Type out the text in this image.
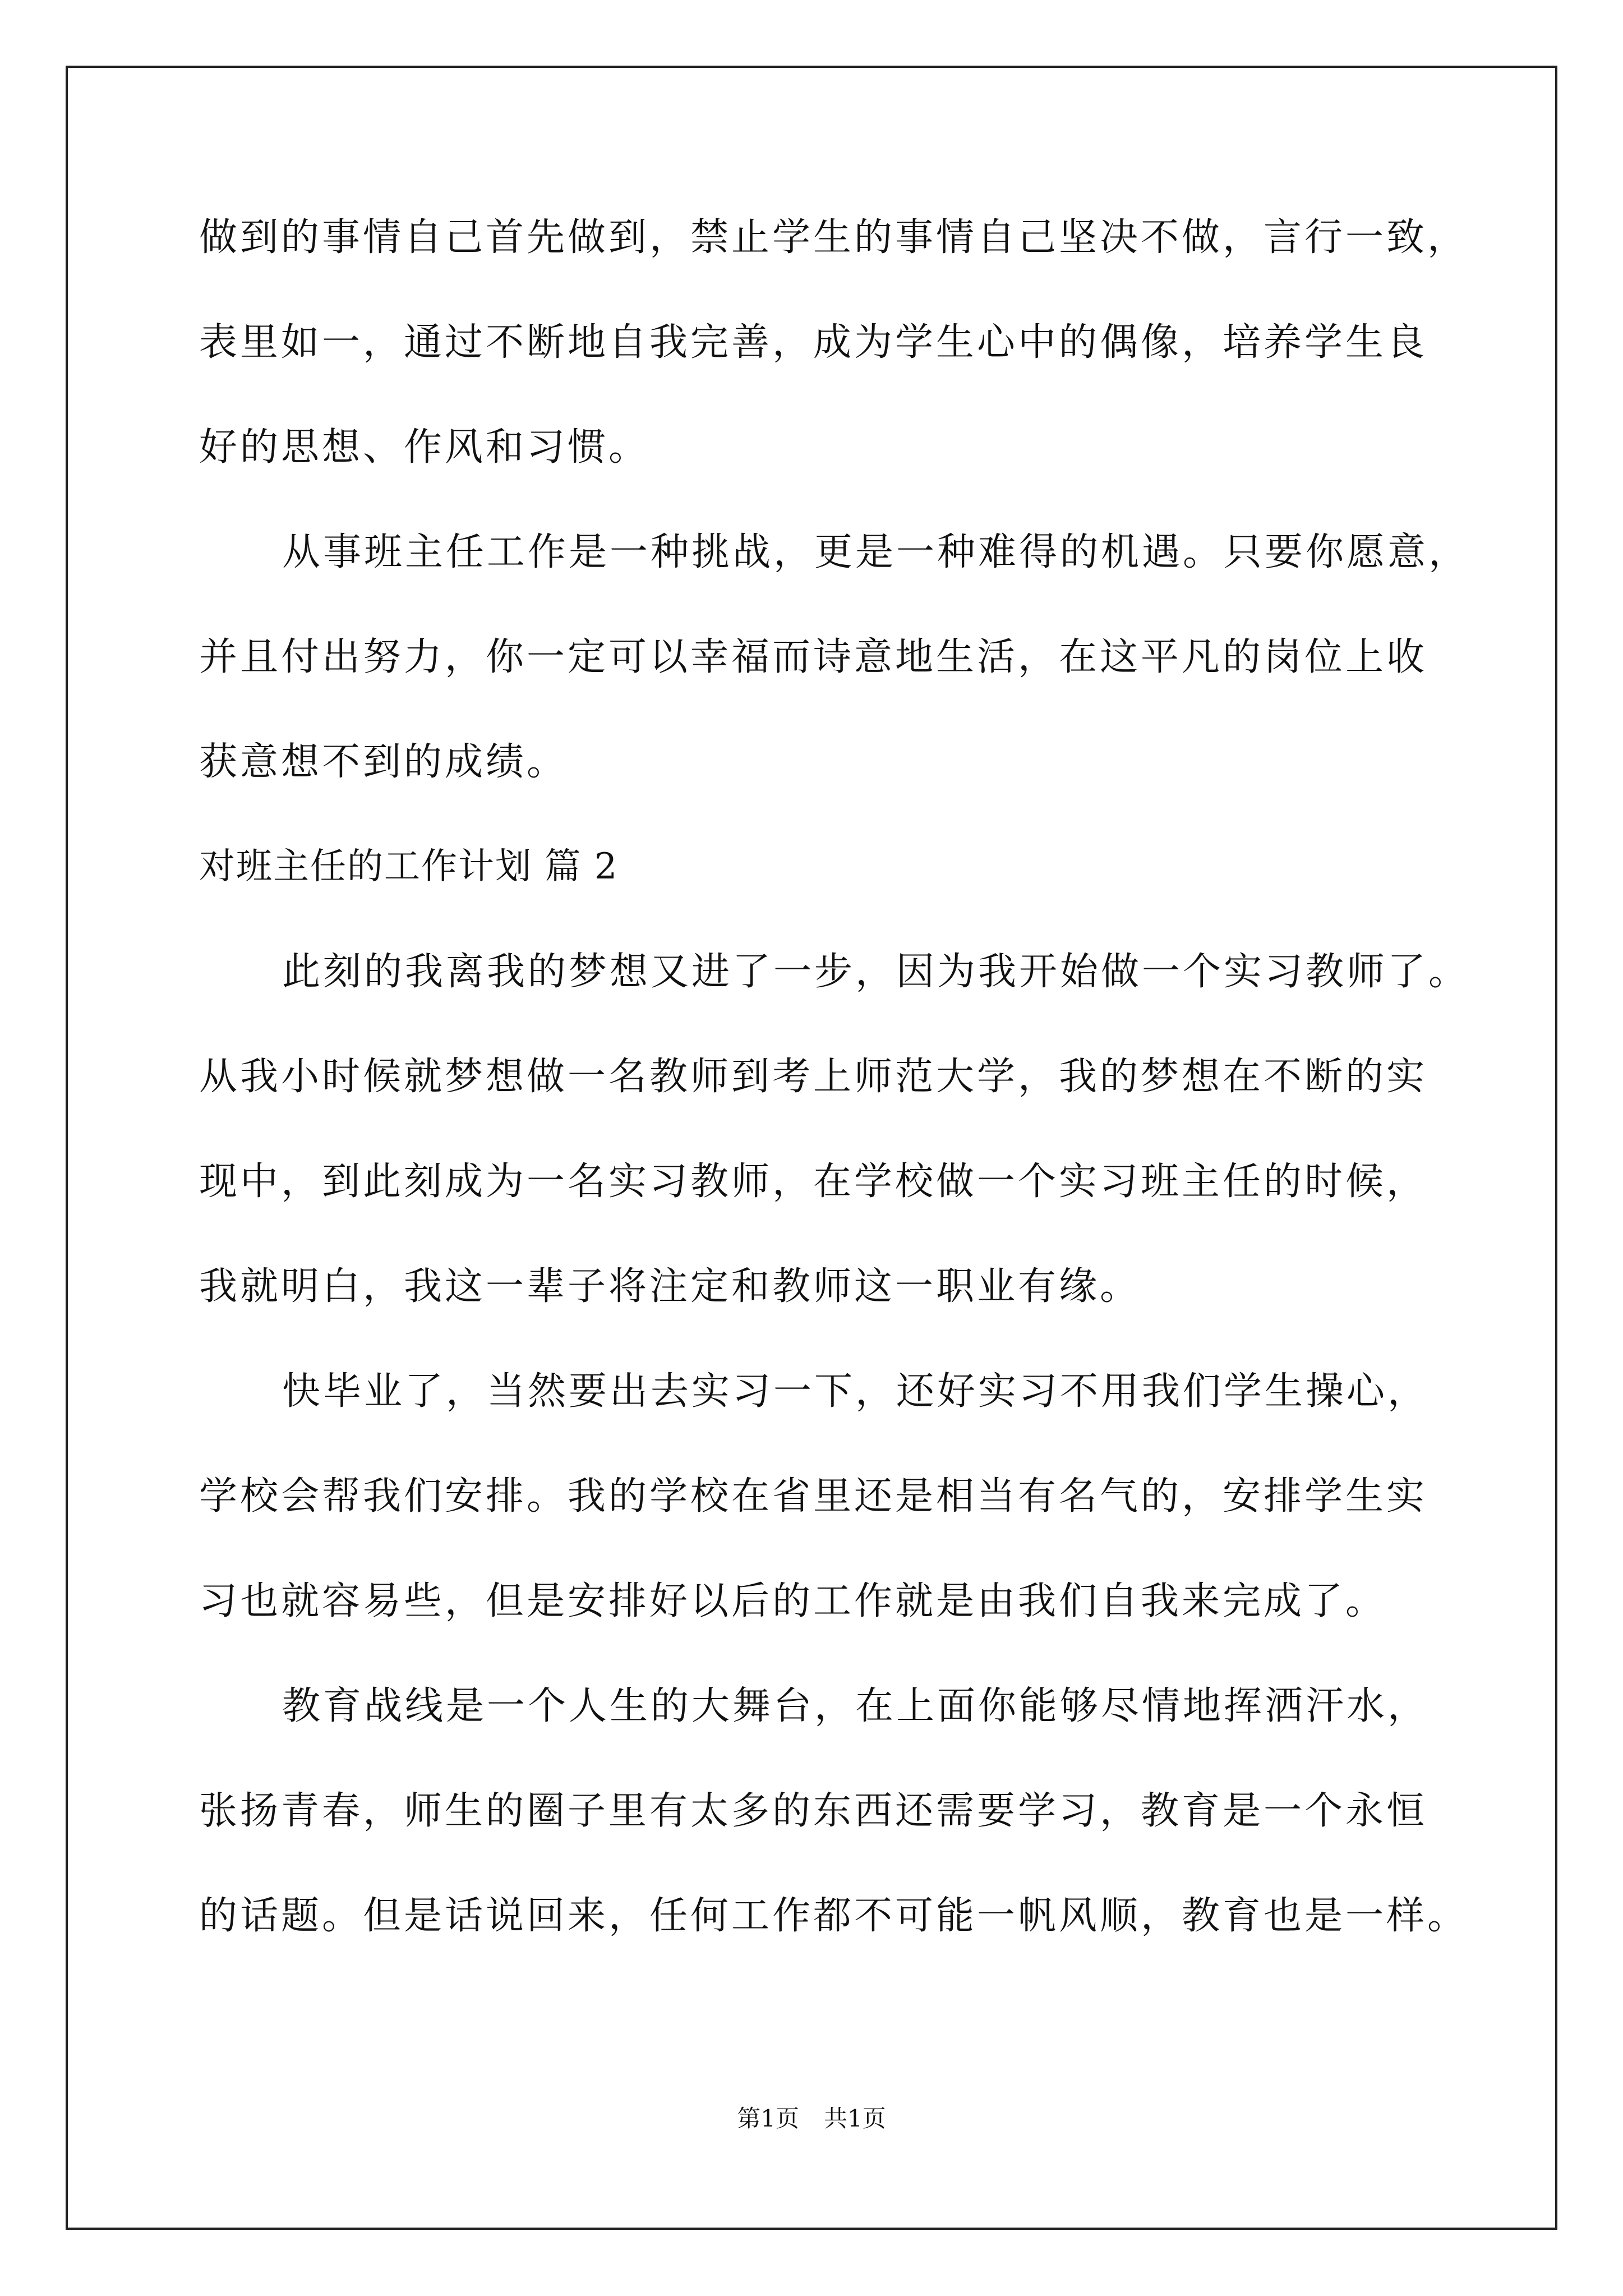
做到的事情自己首先做到，禁止学生的事情自己坚决不做，言行一致，
表里如一，通过不断地自我完善，成为学生心中的偶像，培养学生良
好的思想、作风和习惯。
从事班主任工作是一种挑战，更是一种难得的机遇。只要你愿意，
并且付出努力，你一定可以幸福而诗意地生活，在这平凡的岗位上收
获意想不到的成绩。
对班主任的工作计划 篇 2
此刻的我离我的梦想又进了一步，因为我开始做一个实习教师了。
从我小时候就梦想做一名教师到考上师范大学，我的梦想在不断的实
现中，到此刻成为一名实习教师，在学校做一个实习班主任的时候，
我就明白，我这一辈子将注定和教师这一职业有缘。
快毕业了，当然要出去实习一下，还好实习不用我们学生操心，
学校会帮我们安排。我的学校在省里还是相当有名气的，安排学生实
习也就容易些，但是安排好以后的工作就是由我们自我来完成了。
教育战线是一个人生的大舞台，在上面你能够尽情地挥洒汗水，
张扬青春，师生的圈子里有太多的东西还需要学习，教育是一个永恒
的话题。但是话说回来，任何工作都不可能一帆风顺，教育也是一样。
第1页 共1页
